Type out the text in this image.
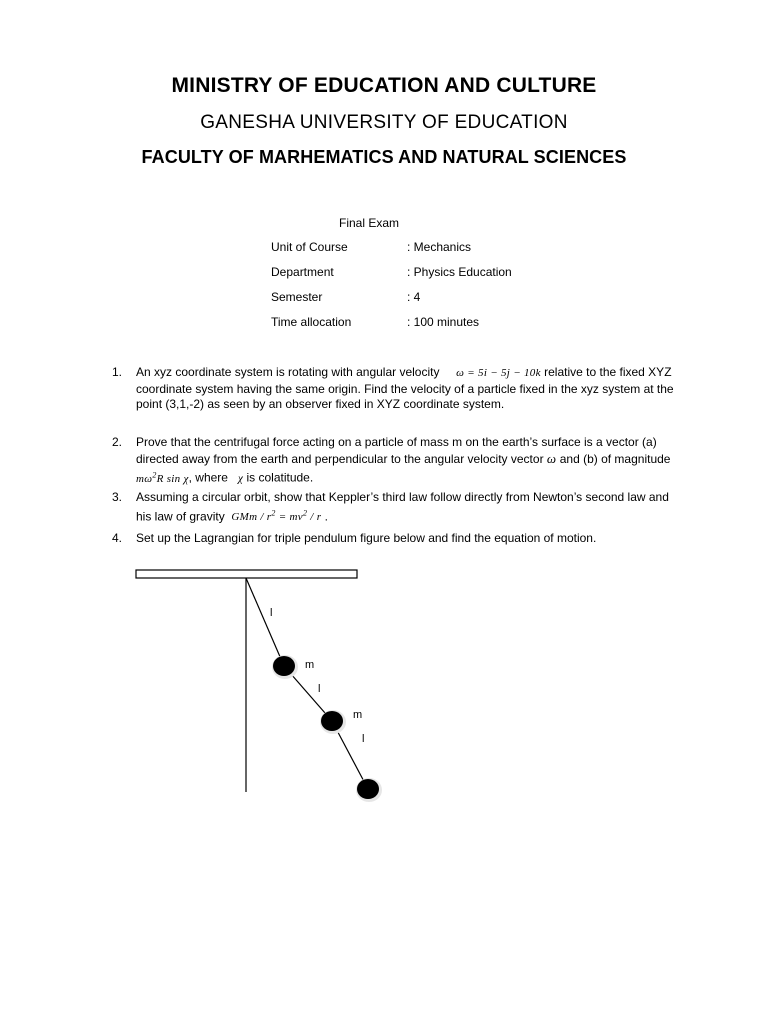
MINISTRY OF EDUCATION AND CULTURE
GANESHA UNIVERSITY OF EDUCATION
FACULTY OF MARHEMATICS AND NATURAL SCIENCES
Final Exam
Unit of Course	: Mechanics
Department	: Physics Education
Semester	: 4
Time allocation	: 100 minutes
1. An xyz coordinate system is rotating with angular velocity ω = 5i − 5j − 10k relative to the fixed XYZ coordinate system having the same origin. Find the velocity of a particle fixed in the xyz system at the point (3,1,-2) as seen by an observer fixed in XYZ coordinate system.
2. Prove that the centrifugal force acting on a particle of mass m on the earth’s surface is a vector (a) directed away from the earth and perpendicular to the angular velocity vector ω and (b) of magnitude $m\omega^2R$ sin χ, where χ is colatitude.
3. Assuming a circular orbit, show that Keppler’s third law follow directly from Newton’s second law and his law of gravity GMm / $r^2 = mv^2 / r$ .
4. Set up the Lagrangian for triple pendulum figure below and find the equation of motion.
l
m
l
m
l
